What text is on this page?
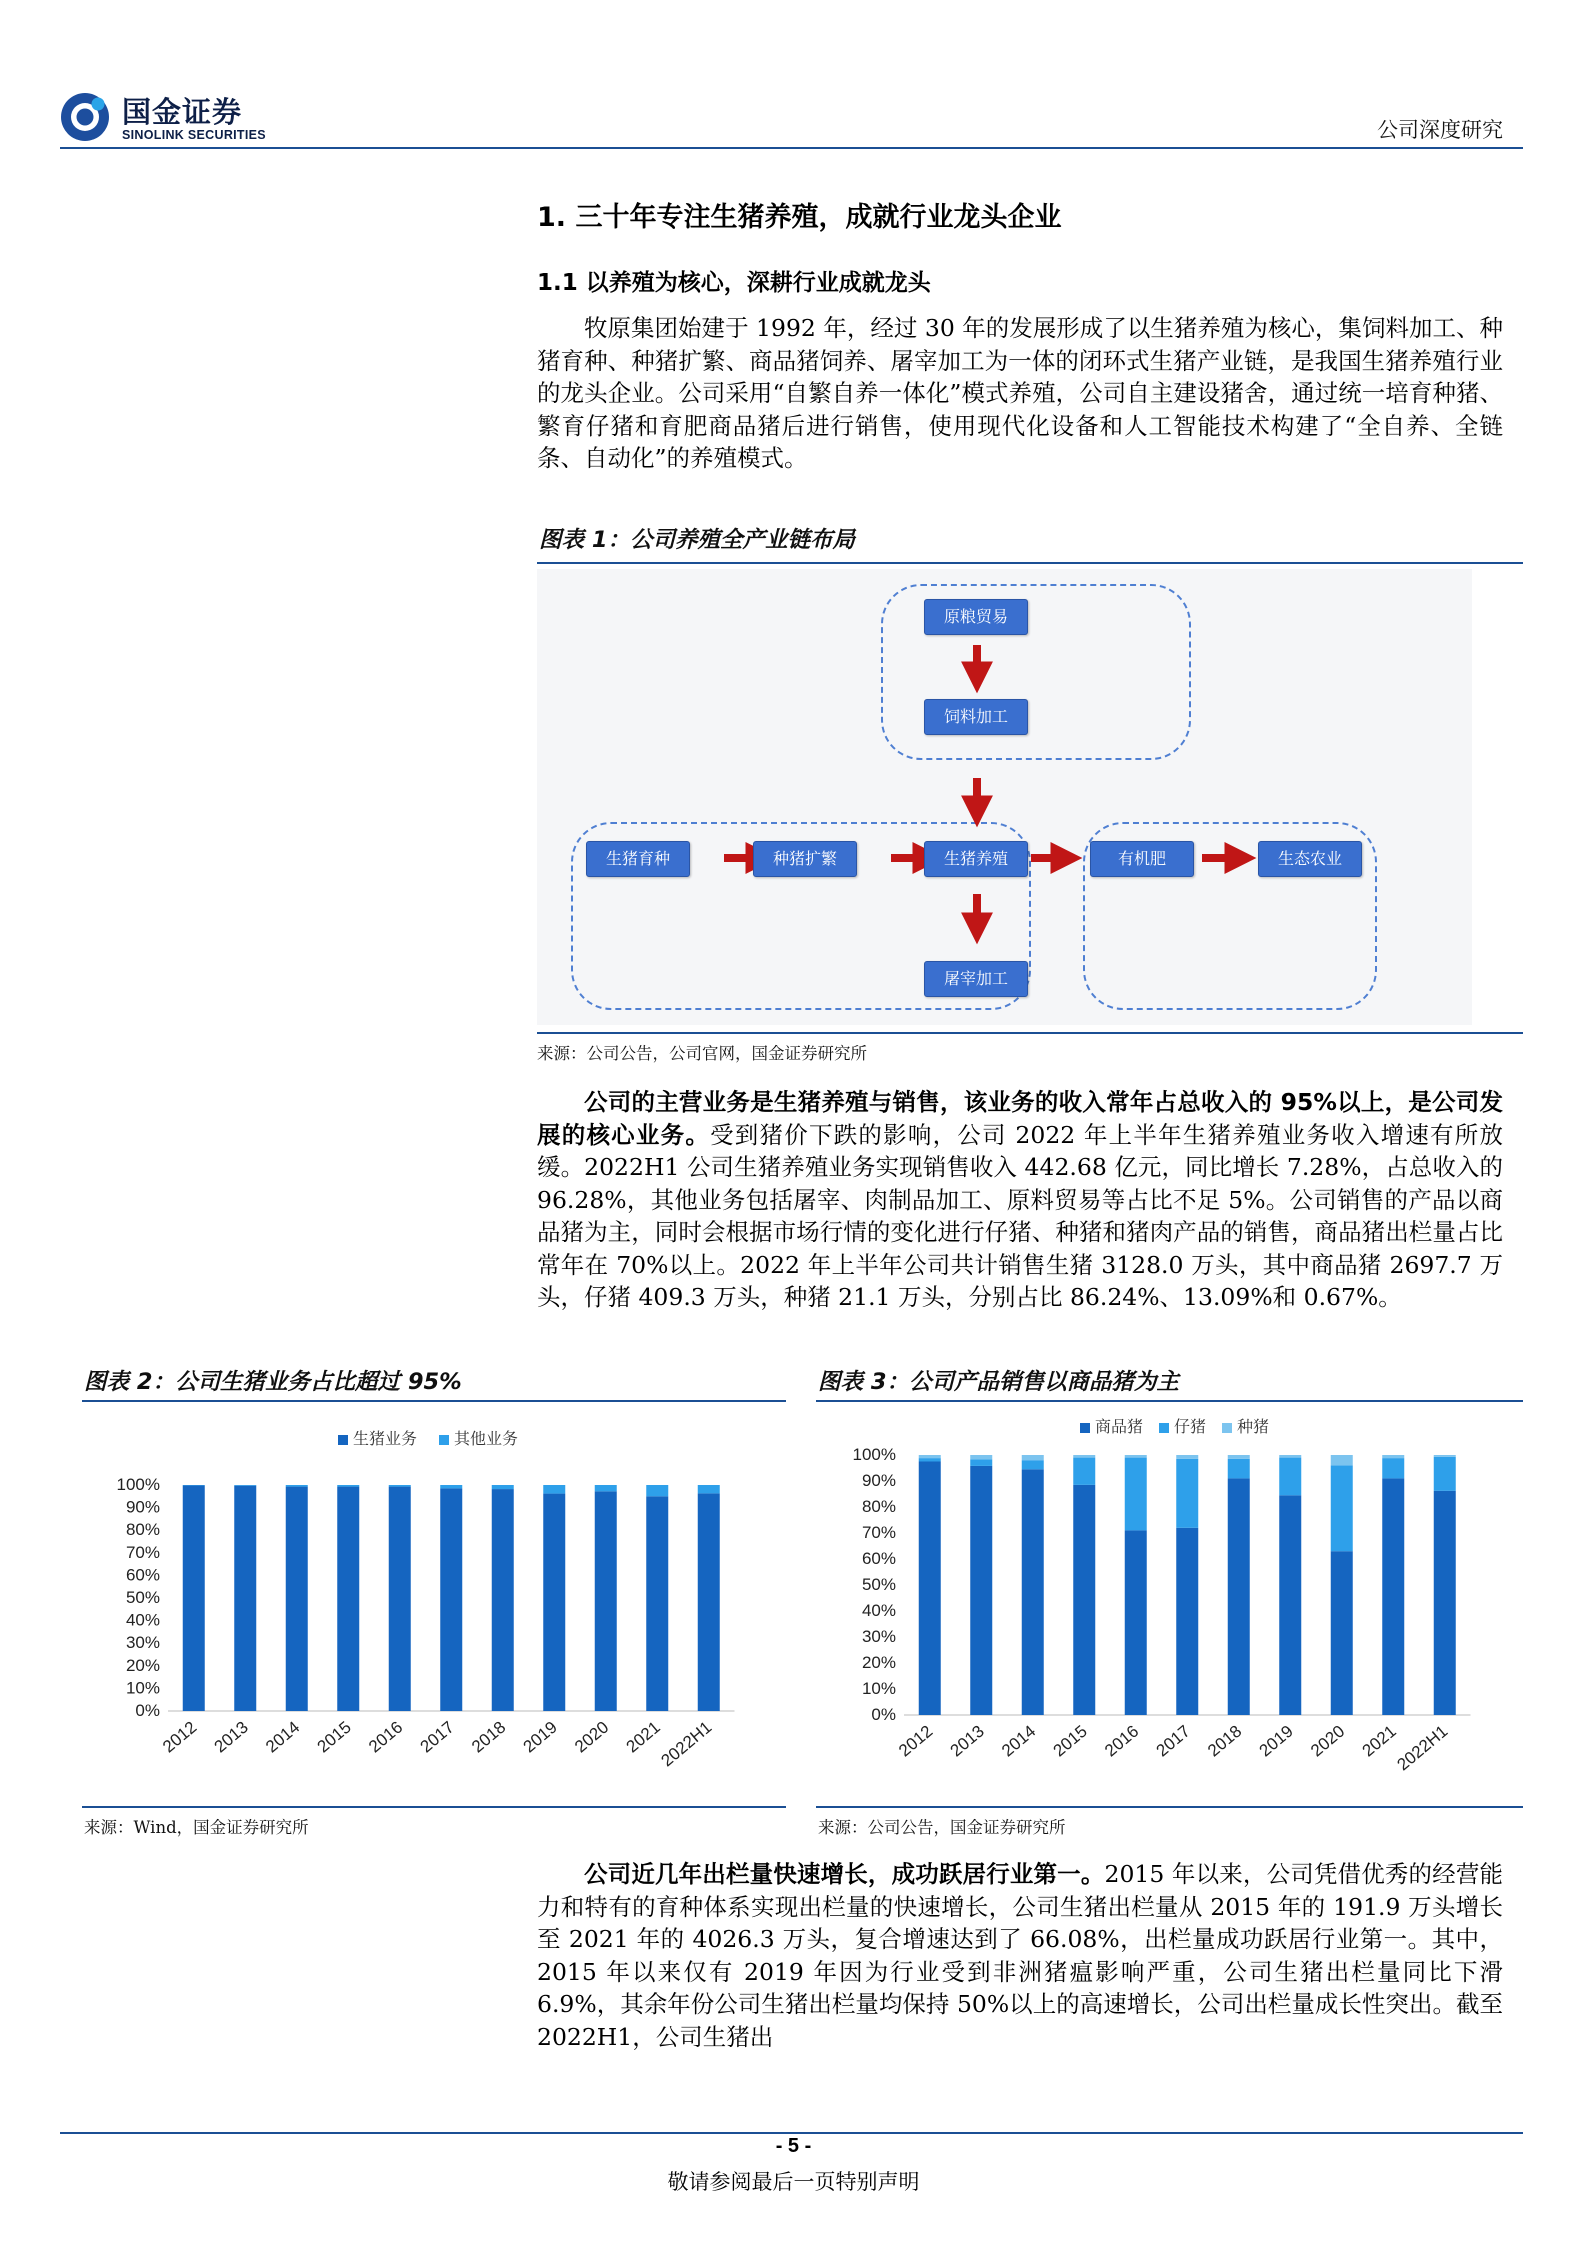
国金证券
SINOLINK SECURITIES	公司深度研究
1. 三十年专注生猪养殖，成就行业龙头企业
1.1 以养殖为核心，深耕行业成就龙头
牧原集团始建于 1992 年，经过 30 年的发展形成了以生猪养殖为核心，集饲料加工、种猪育种、种猪扩繁、商品猪饲养、屠宰加工为一体的闭环式生猪产业链，是我国生猪养殖行业的龙头企业。公司采用“自繁自养一体化”模式养殖，公司自主建设猪舍，通过统一培育种猪、繁育仔猪和育肥商品猪后进行销售，使用现代化设备和人工智能技术构建了“全自养、全链条、自动化”的养殖模式。
图表 1：公司养殖全产业链布局
原粮贸易
饲料加工
生猪育种	种猪扩繁	生猪养殖
屠宰加工
有机肥	生态农业
来源：公司公告，公司官网，国金证券研究所
公司的主营业务是生猪养殖与销售，该业务的收入常年占总收入的 95%以上，是公司发展的核心业务。受到猪价下跌的影响，公司 2022 年上半年生猪养殖业务收入增速有所放缓。2022H1 公司生猪养殖业务实现销售收入 442.68 亿元，同比增长 7.28%，占总收入的 96.28%，其他业务包括屠宰、肉制品加工、原料贸易等占比不足 5%。公司销售的产品以商品猪为主，同时会根据市场行情的变化进行仔猪、种猪和猪肉产品的销售，商品猪出栏量占比常年在 70%以上。2022 年上半年公司共计销售生猪 3128.0 万头，其中商品猪 2697.7 万头，仔猪 409.3 万头，种猪 21.1 万头，分别占比 86.24%、13.09%和 0.67%。
图表 2：公司生猪业务占比超过 95%
生猪业务 其他业务
100%
90%
80%
70%
60%
50%
40%
30%
20%
10%
0%
2012 2013 2014 2015 2016 2017 2018 2019 2020 2021
2022H1
来源：Wind，国金证券研究所
图表 3：公司产品销售以商品猪为主
商品猪 仔猪 种猪
100%
90%
80%
70%
60%
50%
40%
30%
20%
10%
0%
2012 2013 2014 2015 2016 2017 2018 2019 2020 2021
2022H1
来源：公司公告，国金证券研究所
公司近几年出栏量快速增长，成功跃居行业第一。2015 年以来，公司凭借优秀的经营能力和特有的育种体系实现出栏量的快速增长，公司生猪出栏量从 2015 年的 191.9 万头增长至 2021 年的 4026.3 万头，复合增速达到了 66.08%，出栏量成功跃居行业第一。其中，2015 年以来仅有 2019 年因为行业受到非洲猪瘟影响严重，公司生猪出栏量同比下滑 6.9%，其余年份公司生猪出栏量均保持 50%以上的高速增长，公司出栏量成长性突出。截至 2022H1，公司生猪出
- 5 -
敬请参阅最后一页特别声明
